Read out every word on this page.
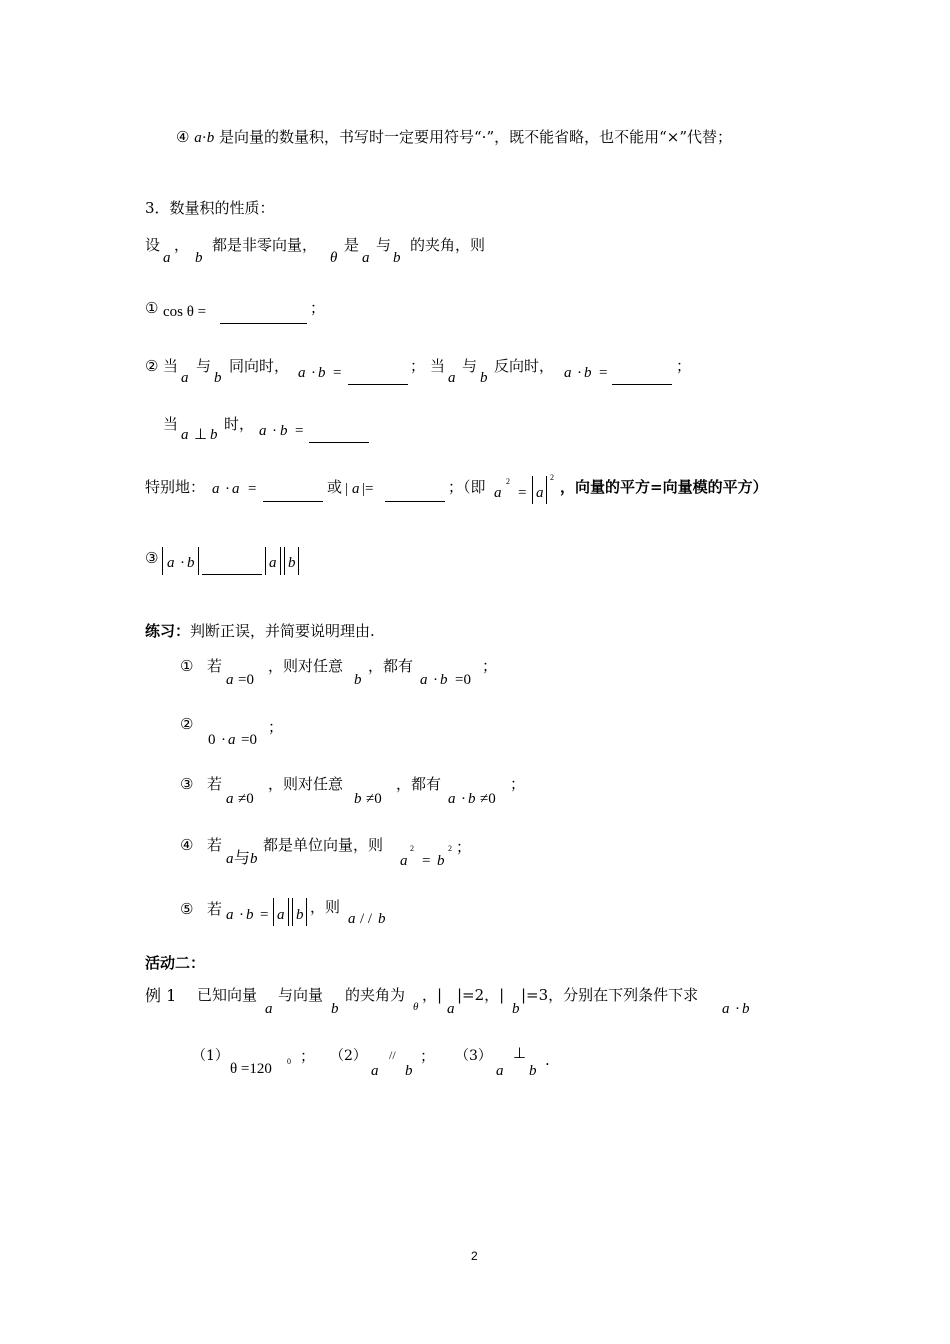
④ a·b 是向量的数量积，书写时一定要用符号“·”，既不能省略，也不能用“×”代替；
3．数量积的性质：
设
a
，
b
都是非零向量，
θ
是
a
与
b
的夹角，则
① cos θ =	；
② 当
a
与
b
同向时， a · b =	； 当
a
与
b
反向时， a · b =	；
当
a ⊥ b
时， a · b =
特别地： a · a =	或 | a |=	；（即 a
2
= a
2
，向量的平方=向量模的平方）
③ a · b	a b
练习：判断正误，并简要说明理由.
① 若
a =0
，则对任意
b
，都有
a · b =0
；
②
0 · a =0
；
③ 若
a ≠0
，则对任意
b ≠0
，都有
a · b ≠0
；
④ 若
a 与 b
都是单位向量，则
a
2
= b
2 ；
⑤ 若 a · b = a b ，则
a / / b
活动二：
例 1 已知向量
a
与向量
b
的夹角为
θ
，|
a
|=2，|
b
|=3，分别在下列条件下求
a · b
（1）
θ =120 0 ； （2）
a
//
b
； （3）
a
⊥
b
.
2
